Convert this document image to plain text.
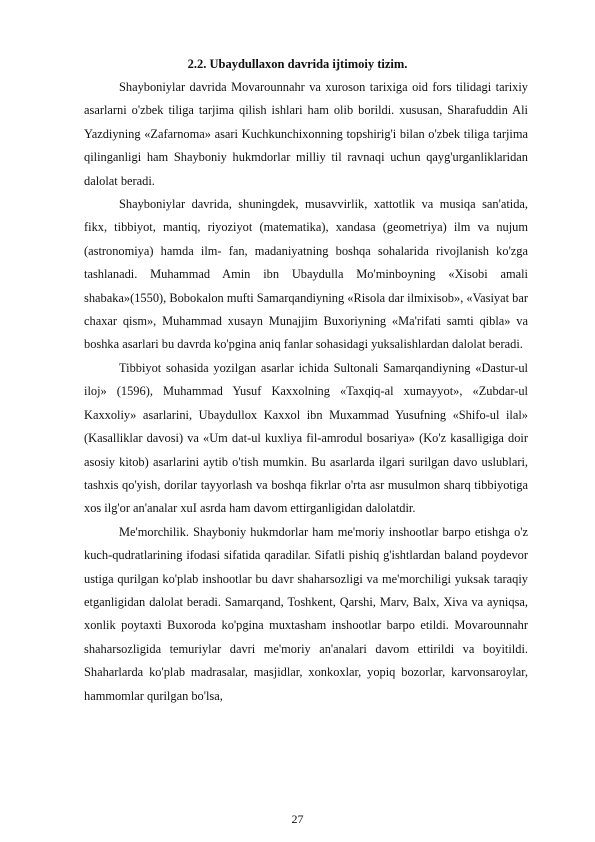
2.2. Ubaydullaxon davrida ijtimoiy tizim.

Shayboniylar davrida Movarounnahr va xuroson tarixiga oid fors tilidagi tarixiy asarlarni o'zbek tiliga tarjima qilish ishlari ham olib borildi. xususan, Sharafuddin Ali Yazdiyning «Zafarnoma» asari Kuchkunchixonning topshirig'i bilan o'zbek tiliga tarjima qilinganligi ham Shayboniy hukmdorlar milliy til ravnaqi uchun qayg'urganliklaridan dalolat beradi.

Shayboniylar davrida, shuningdek, musavvirlik, xattotlik va musiqa san'atida, fikx, tibbiyot, mantiq, riyoziyot (matematika), xandasa (geometriya) ilm va nujum (astronomiya) hamda ilm- fan, madaniyatning boshqa sohalarida rivojlanish ko'zga tashlanadi. Muhammad Amin ibn Ubaydulla Mo'minboyning «Xisobi amali shabaka»(1550), Bobokalon mufti Samarqandiyning «Risola dar ilmixisob», «Vasiyat bar chaxar qism», Muhammad xusayn Munajjim Buxoriyning «Ma'rifati samti qibla» va boshka asarlari bu davrda ko'pgina aniq fanlar sohasidagi yuksalishlardan dalolat beradi.

Tibbiyot sohasida yozilgan asarlar ichida Sultonali Samarqandiyning «Dastur-ul iloj» (1596), Muhammad Yusuf Kaxxolning «Taxqiq-al xumayyot», «Zubdar-ul Kaxxoliy» asarlarini, Ubaydullox Kaxxol ibn Muxammad Yusufning «Shifo-ul ilal» (Kasalliklar davosi) va «Um dat-ul kuxliya fil-amrodul bosariya» (Ko'z kasalligiga doir asosiy kitob) asarlarini aytib o'tish mumkin. Bu asarlarda ilgari surilgan davo uslublari, tashxis qo'yish, dorilar tayyorlash va boshqa fikrlar o'rta asr musulmon sharq tibbiyotiga xos ilg'or an'analar xuI asrda ham davom ettirganligidan dalolatdir.

Me'morchilik. Shayboniy hukmdorlar ham me'moriy inshootlar barpo etishga o'z kuch-qudratlarining ifodasi sifatida qaradilar. Sifatli pishiq g'ishtlardan baland poydevor ustiga qurilgan ko'plab inshootlar bu davr shaharsozligi va me'morchiligi yuksak taraqiy etganligidan dalolat beradi. Samarqand, Toshkent, Qarshi, Marv, Balx, Xiva va ayniqsa, xonlik poytaxti Buxoroda ko'pgina muxtasham inshootlar barpo etildi. Movarounnahr shaharsozligida temuriylar davri me'moriy an'analari davom ettirildi va boyitildi. Shaharlarda ko'plab madrasalar, masjidlar, xonkoxlar, yopiq bozorlar, karvonsaroylar, hammomlar qurilgan bo'lsa,

27
